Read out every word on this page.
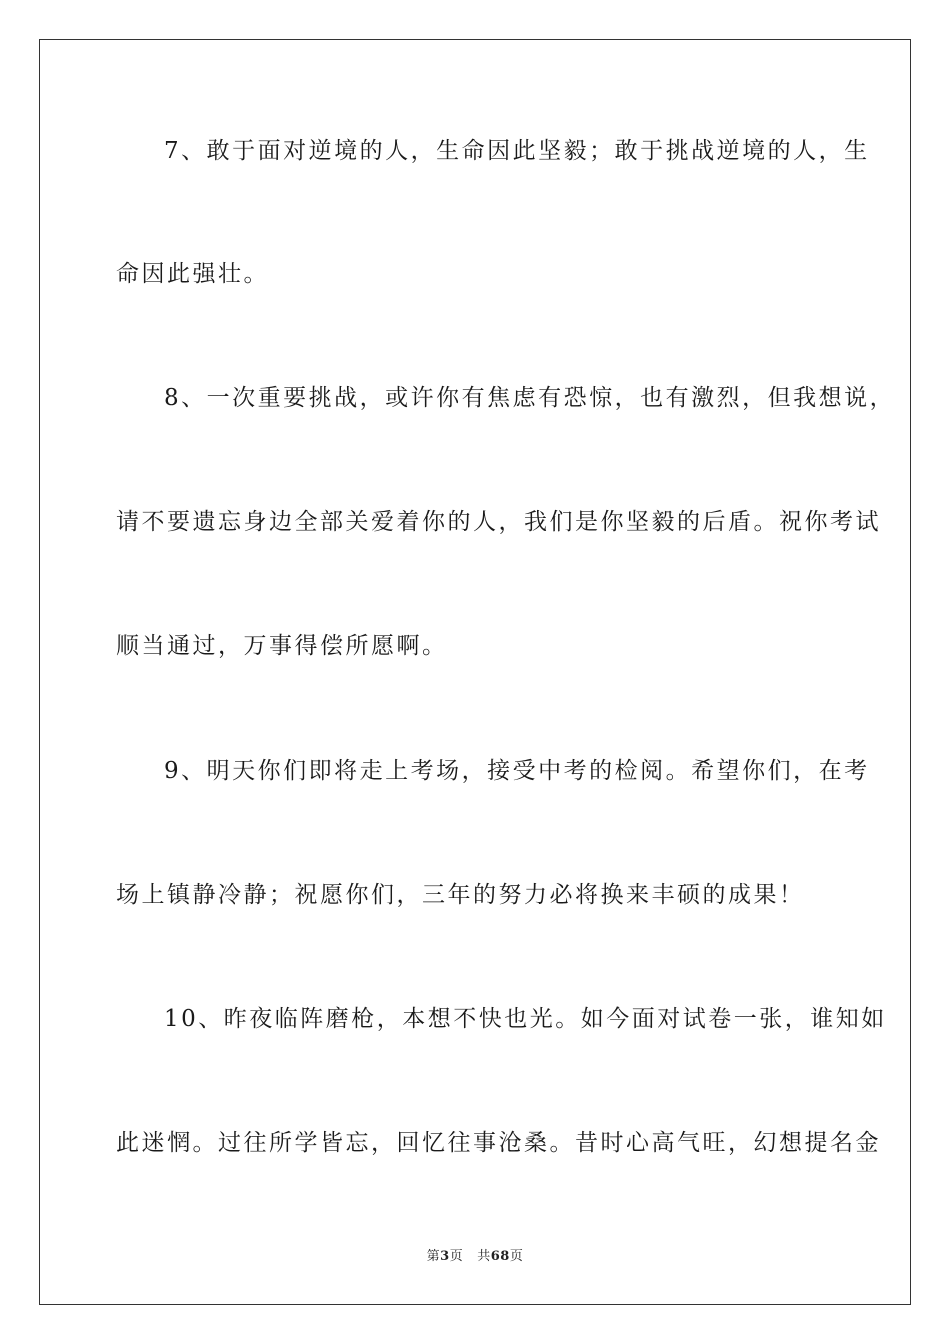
7、敢于面对逆境的人，生命因此坚毅；敢于挑战逆境的人，生
命因此强壮。
8、一次重要挑战，或许你有焦虑有恐惊，也有激烈，但我想说，
请不要遗忘身边全部关爱着你的人，我们是你坚毅的后盾。祝你考试
顺当通过，万事得偿所愿啊。
9、明天你们即将走上考场，接受中考的检阅。希望你们，在考
场上镇静冷静；祝愿你们，三年的努力必将换来丰硕的成果！
10、昨夜临阵磨枪，本想不快也光。如今面对试卷一张，谁知如
此迷惘。过往所学皆忘，回忆往事沧桑。昔时心高气旺，幻想提名金
第3页 共68页
